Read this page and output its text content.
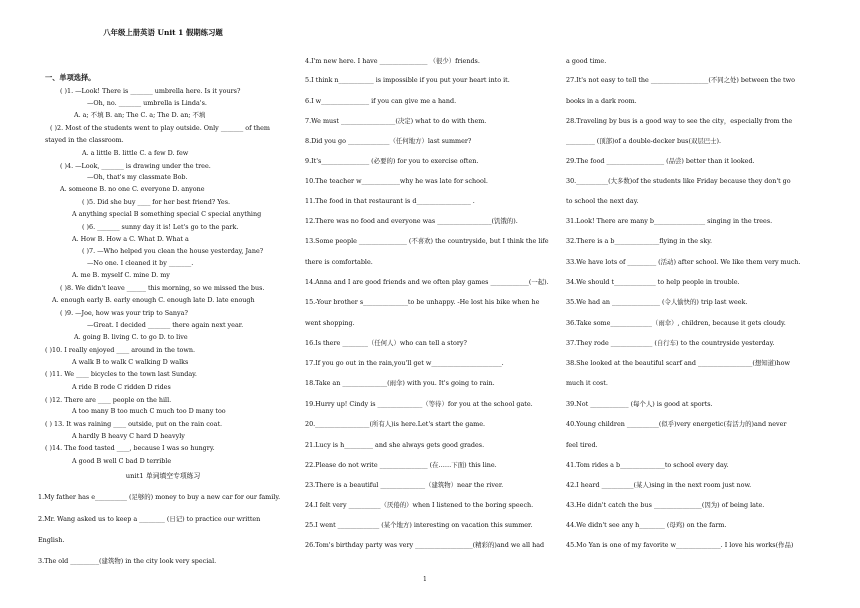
八年级上册英语 Unit 1 假期练习题
一、单项选择。
( )1. —Look! There is _______ umbrella here. Is it yours?
—Oh, no. _______ umbrella is Linda's.
A. a; 不填 B. an; The C. a; The D. an; 不填
( )2. Most of the students went to play outside. Only _______ of them
stayed in the classroom.
A. a little B. little C. a few D. few
( )4. —Look, _______ is drawing under the tree.
—Oh, that's my classmate Bob.
A. someone B. no one C. everyone D. anyone
( )5. Did she buy ____ for her best friend? Yes.
A anything special B something special C special anything
( )6. _______ sunny day it is! Let's go to the park.
A. How B. How a C. What D. What a
( )7. —Who helped you clean the house yesterday, Jane?
—No one. I cleaned it by _______.
A. me B. myself C. mine D. my
( )8. We didn't leave ______ this morning, so we missed the bus.
A. enough early B. early enough C. enough late D. late enough
( )9. —Joe, how was your trip to Sanya?
—Great. I decided _______ there again next year.
A. going B. living C. to go D. to live
( )10. I really enjoyed ____ around in the town.
A walk B to walk C walking D walks
( )11. We ____ bicycles to the town last Sunday.
A ride B rode C ridden D rides
( )12. There are ____ people on the hill.
A too many B too much C much too D many too
( ) 13. It was raining ____ outside, put on the rain coat.
A hardly B heavy C hard D heavyly
( )14. The food tasted ____, because I was so hungry.
A good B well C bad D terrible
unit1 单词填空专项练习
1.My father has e__________ (足够的) money to buy a new car for our family.
2.Mr. Wang asked us to keep a ________ (日记) to practice our written
English.
3.The old _________(建筑物) in the city look very special.
4.I'm new here. I have _______________ （很少）friends.
5.I think n___________ is impossible if you put your heart into it.
6.I w_______________ if you can give me a hand.
7.We must _________________(决定) what to do with them.
8.Did you go _____________（任何地方）last summer?
9.It's_______________ (必要的) for you to exercise often.
10.The teacher w____________why he was late for school.
11.The food in that restaurant is d_________________ .
12.There was no food and everyone was _________________(饥饿的).
13.Some people _______________ (不喜欢) the countryside, but I think the life
there is comfortable.
14.Anna and I are good friends and we often play games ____________(一起).
15.-Your brother s______________to be unhappy. -He lost his bike when he
went shopping.
16.Is there ________（任何人）who can tell a story?
17.If you go out in the rain,you'll get w______________________.
18.Take an ______________(雨伞) with you. It's going to rain.
19.Hurry up! Cindy is ______________（等待）for you at the school gate.
20._________________(所有人)is here.Let's start the game.
21.Lucy is h_________ and she always gets good grades.
22.Please do not write _______________ (在……下面) this line.
23.There is a beautiful ______________（建筑物）near the river.
24.I felt very __________（厌倦的）when I listened to the boring speech.
25.I went _____________ (某个地方) interesting on vacation this summer.
26.Tom's birthday party was very __________________(精彩的)and we all had
a good time.
27.It's not easy to tell the __________________(不同之处) between the two
books in a dark room.
28.Traveling by bus is a good way to see the city，especially from the
_________ (顶部)of a double-decker bus(双层巴士).
29.The food __________________ (品尝) better than it looked.
30.__________(大多数)of the students like Friday because they don't go
to school the next day.
31.Look! There are many b________________ singing in the trees.
32.There is a b______________flying in the sky.
33.We have lots of _________ (活动) after school. We like them very much.
34.We should t_____________ to help people in trouble.
35.We had an _______________ (令人愉快的) trip last week.
36.Take some_____________（雨伞）, children, because it gets cloudy.
37.They rode _____________ (自行车) to the countryside yesterday.
38.She looked at the beautiful scarf and _________________(想知道)how
much it cost.
39.Not ____________ (每个人) is good at sports.
40.Young children __________(似乎)very energetic(有活力的)and never
feel tired.
41.Tom rides a b______________to school every day.
42.I heard __________(某人)sing in the next room just now.
43.He didn't catch the bus _______________(因为) of being late.
44.We didn't see any h________ (母鸡) on the farm.
45.Mo Yan is one of my favorite w______________. I love his works(作品)
1
